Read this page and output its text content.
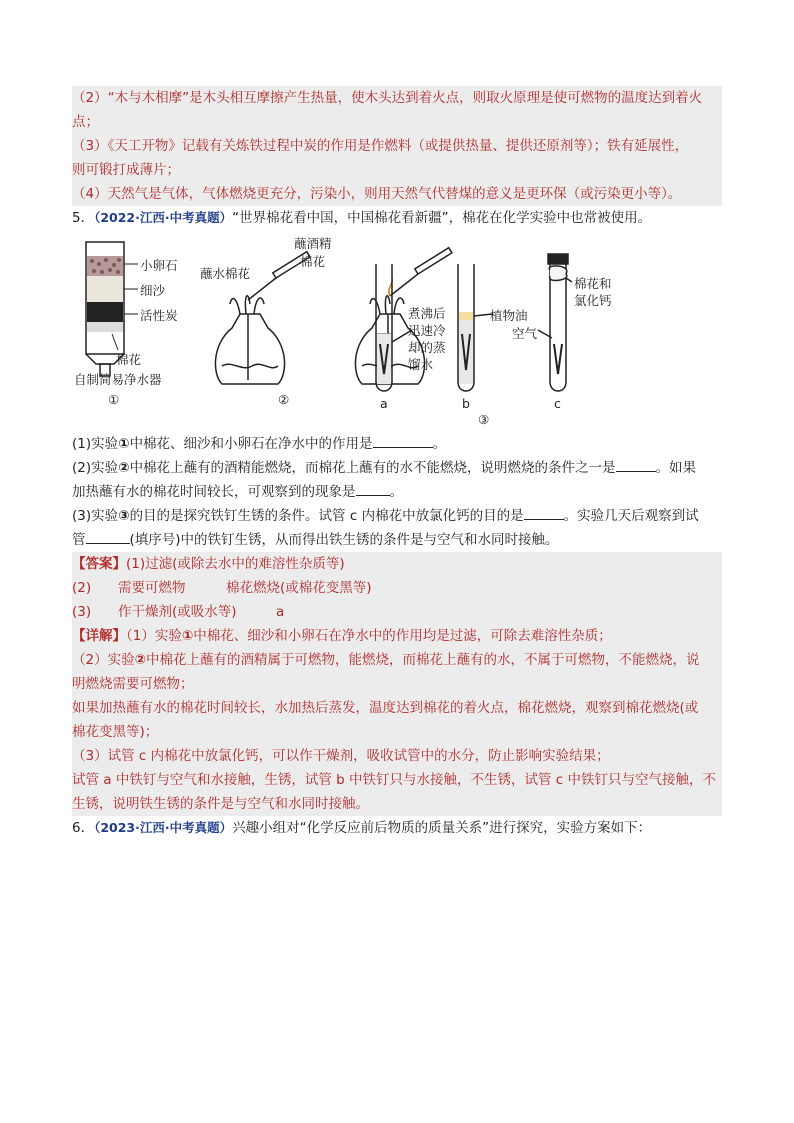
（2）“木与木相摩”是木头相互摩擦产生热量，使木头达到着火点，则取火原理是使可燃物的温度达到着火

点；

（3）《天工开物》记载有关炼铁过程中炭的作用是作燃料（或提供热量、提供还原剂等）；铁有延展性，

则可锻打成薄片；

（4）天然气是气体，气体燃烧更充分，污染小，则用天然气代替煤的意义是更环保（或污染更小等）。

5．（2022·江西·中考真题）“世界棉花看中国，中国棉花看新疆”，棉花在化学实验中也常被使用。

小卵石
细沙
活性炭
棉花
自制简易净水器
①
蘸水棉花
蘸酒精
棉花
②
煮沸后
迅速冷
却的蒸
馏水
植物油
棉花和
氯化钙
空气
a	b	c
③

(1)实验①中棉花、细沙和小卵石在净水中的作用是	。

(2)实验②中棉花上蘸有的酒精能燃烧，而棉花上蘸有的水不能燃烧，说明燃烧的条件之一是	。如果

加热蘸有水的棉花时间较长，可观察到的现象是	。

(3)实验③的目的是探究铁钉生锈的条件。试管 c 内棉花中放氯化钙的目的是	。实验几天后观察到试

管	(填序号)中的铁钉生锈，从而得出铁生锈的条件是与空气和水同时接触。

【答案】(1)过滤(或除去水中的难溶性杂质等)

(2) 需要可燃物	棉花燃烧(或棉花变黑等)

(3) 作干燥剂(或吸水等)	a

【详解】（1）实验①中棉花、细沙和小卵石在净水中的作用均是过滤，可除去难溶性杂质；

（2）实验②中棉花上蘸有的酒精属于可燃物，能燃烧，而棉花上蘸有的水，不属于可燃物，不能燃烧，说

明燃烧需要可燃物；

如果加热蘸有水的棉花时间较长，水加热后蒸发，温度达到棉花的着火点，棉花燃烧，观察到棉花燃烧(或

棉花变黑等)；

（3）试管 c 内棉花中放氯化钙，可以作干燥剂，吸收试管中的水分，防止影响实验结果；

试管 a 中铁钉与空气和水接触，生锈，试管 b 中铁钉只与水接触，不生锈，试管 c 中铁钉只与空气接触，不

生锈，说明铁生锈的条件是与空气和水同时接触。

6．（2023·江西·中考真题）兴趣小组对“化学反应前后物质的质量关系”进行探究，实验方案如下：
